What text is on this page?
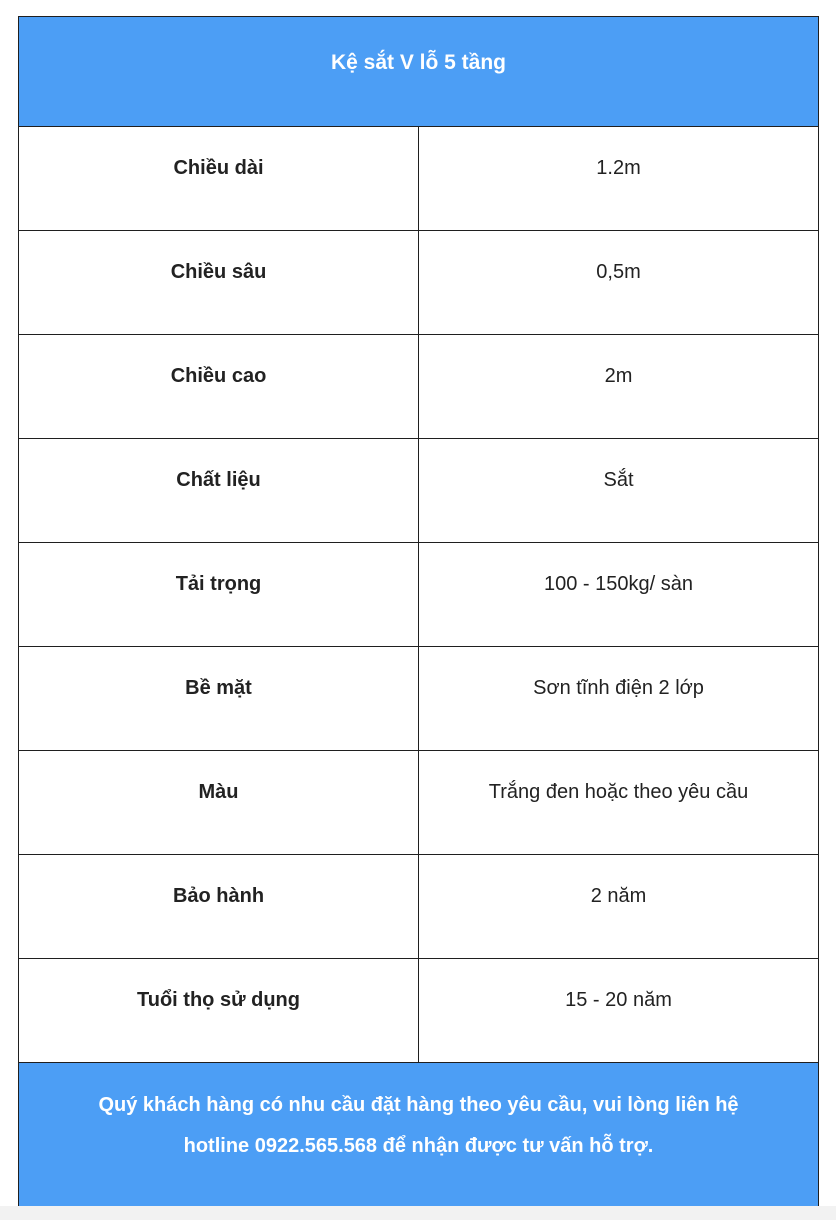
Kệ sắt V lỗ 5 tầng	
Chiều dài	1.2m
Chiều sâu	0,5m
Chiều cao	2m
Chất liệu	Sắt
Tải trọng	100 - 150kg/ sàn
Bề mặt	Sơn tĩnh điện 2 lớp
Màu	Trắng đen hoặc theo yêu cầu
Bảo hành	2 năm
Tuổi thọ sử dụng	15 - 20 năm
Quý khách hàng có nhu cầu đặt hàng theo yêu cầu, vui lòng liên hệ
hotline 0922.565.568 để nhận được tư vấn hỗ trợ.	
